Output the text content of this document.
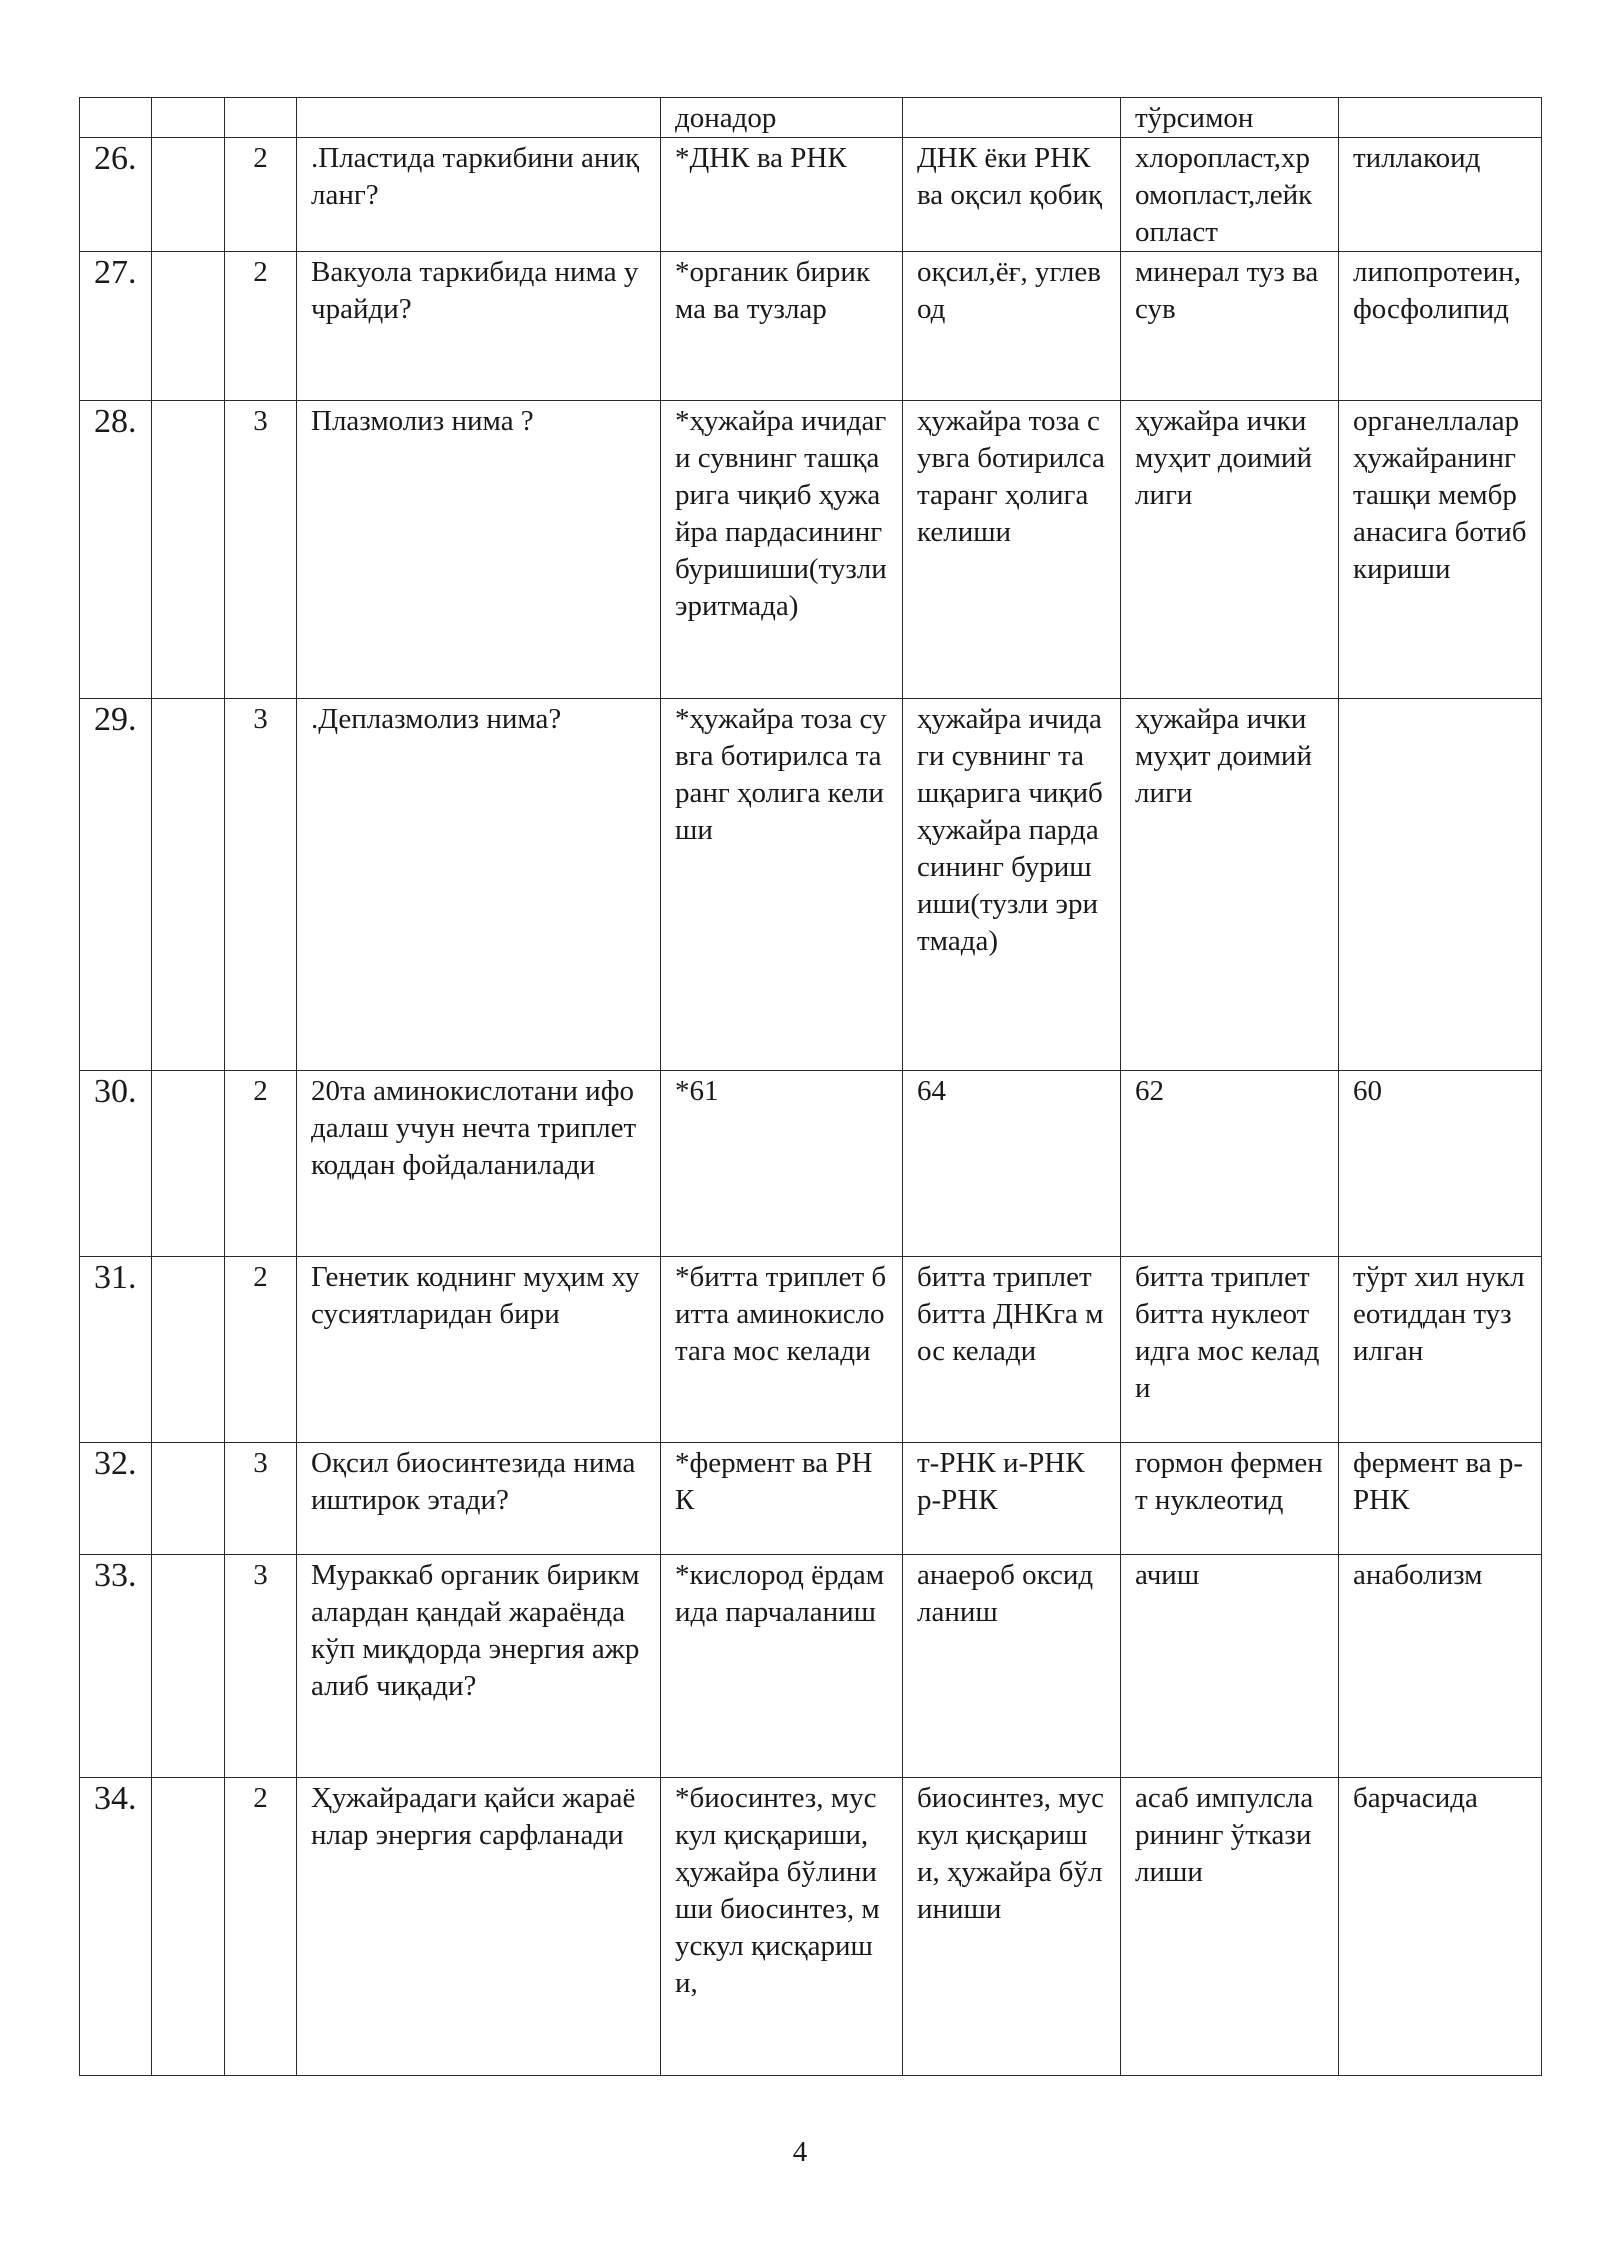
				донадор		тўрсимон	
26.		2	.Пластида таркибини аниқланг?	*ДНК ва РНК	ДНК ёки РНК ва оқсил қобиқ	хлоропласт,хромопласт,лейкопласт	тиллакоид
27.		2	Вакуола таркибида нима учрайди?	*органик бирикма ва тузлар	оқсил,ёғ, углевод	минерал туз ва сув	липопротеин,фосфолипид
28.		3	Плазмолиз нима ?	*ҳужайра ичидаги сувнинг ташқарига чиқиб ҳужайра пардасининг буришиши(тузли эритмада)	ҳужайра тоза сувга ботирилса таранг ҳолига келиши	ҳужайра ички муҳит доимийлиги	органеллалар ҳужайранинг ташқи мембранасига ботиб кириши
29.		3	.Деплазмолиз нима?	*ҳужайра тоза сувга ботирилса таранг ҳолига келиши	ҳужайра ичидаги сувнинг ташқарига чиқиб ҳужайра пардасининг буришиши(тузли эритмада)	ҳужайра ички муҳит доимийлиги	
30.		2	20та аминокислотани ифодалаш учун нечта триплет коддан фойдаланилади	*61	64	62	60
31.		2	Генетик коднинг муҳим хусусиятларидан бири	*битта триплет битта аминокислотага мос келади	битта триплет битта ДНКга мос келади	битта триплет битта нуклеотидга мос келади	тўрт хил нуклеотиддан тузилган
32.		3	Оқсил биосинтезида нима иштирок этади?	*фермент ва РНК	т-РНК и-РНК р-РНК	гормон фермент нуклеотид	фермент ва р-РНК
33.		3	Мураккаб органик бирикмалардан қандай жараёнда кўп миқдорда энергия ажралиб чиқади?	*кислород ёрдамида парчаланиш	анаероб оксидланиш	ачиш	анаболизм
34.		2	Ҳужайрадаги қайси жараёнлар энергия сарфланади	*биосинтез, мускул қисқариши, ҳужайра бўлиниши биосинтез, мускул қисқариши,	биосинтез, мускул қисқариши, ҳужайра бўлиниши	асаб импулсларининг ўтказилиши	барчасида
4
